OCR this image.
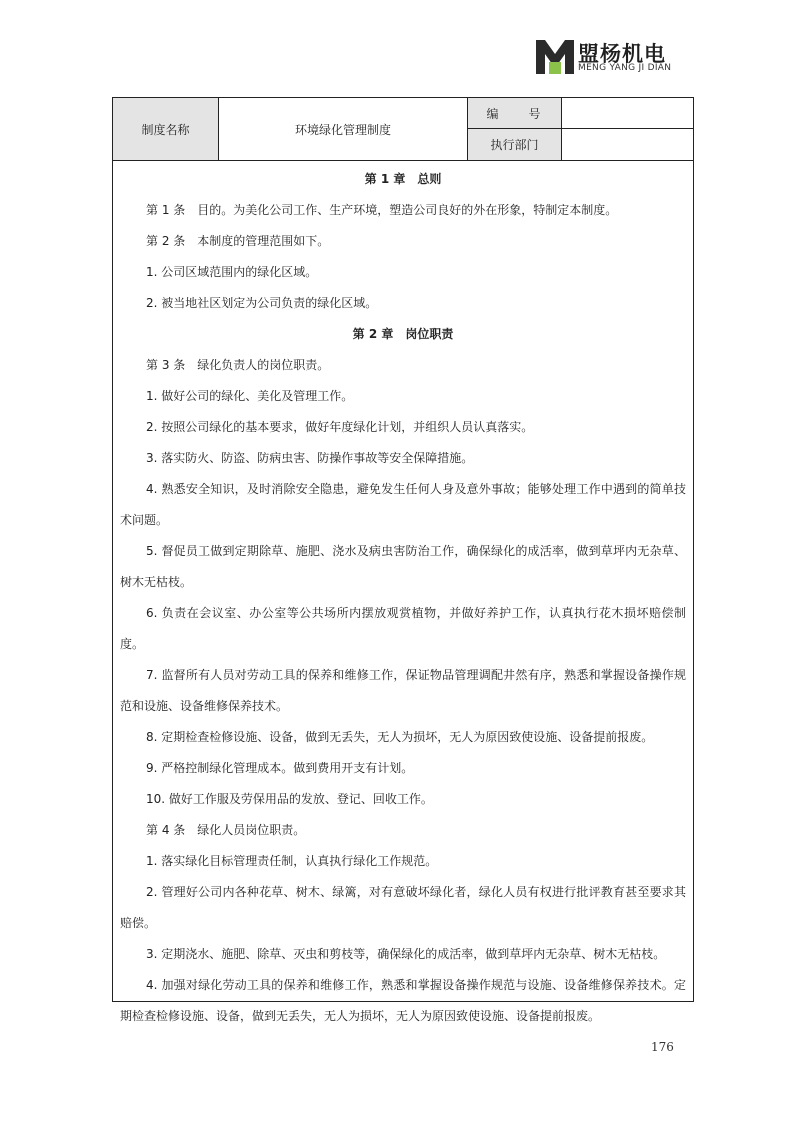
盟杨机电
MENG YANG JI DIAN
制度名称	环境绿化管理制度
编　　号
执行部门
第 1 章　总则
第 1 条　目的。为美化公司工作、生产环境，塑造公司良好的外在形象，特制定本制度。
第 2 条　本制度的管理范围如下。
1. 公司区域范围内的绿化区域。
2. 被当地社区划定为公司负责的绿化区域。
第 2 章　岗位职责
第 3 条　绿化负责人的岗位职责。
1. 做好公司的绿化、美化及管理工作。
2. 按照公司绿化的基本要求，做好年度绿化计划，并组织人员认真落实。
3. 落实防火、防盗、防病虫害、防操作事故等安全保障措施。
4. 熟悉安全知识，及时消除安全隐患，避免发生任何人身及意外事故；能够处理工作中遇到的简单技术问题。
5. 督促员工做到定期除草、施肥、浇水及病虫害防治工作，确保绿化的成活率，做到草坪内无杂草、树木无枯枝。
6. 负责在会议室、办公室等公共场所内摆放观赏植物，并做好养护工作，认真执行花木损坏赔偿制度。
7. 监督所有人员对劳动工具的保养和维修工作，保证物品管理调配井然有序，熟悉和掌握设备操作规范和设施、设备维修保养技术。
8. 定期检查检修设施、设备，做到无丢失，无人为损坏，无人为原因致使设施、设备提前报废。
9. 严格控制绿化管理成本。做到费用开支有计划。
10. 做好工作服及劳保用品的发放、登记、回收工作。
第 4 条　绿化人员岗位职责。
1. 落实绿化目标管理责任制，认真执行绿化工作规范。
2. 管理好公司内各种花草、树木、绿篱，对有意破坏绿化者，绿化人员有权进行批评教育甚至要求其赔偿。
3. 定期浇水、施肥、除草、灭虫和剪枝等，确保绿化的成活率，做到草坪内无杂草、树木无枯枝。
4. 加强对绿化劳动工具的保养和维修工作，熟悉和掌握设备操作规范与设施、设备维修保养技术。定期检查检修设施、设备，做到无丢失，无人为损坏，无人为原因致使设施、设备提前报废。
176
